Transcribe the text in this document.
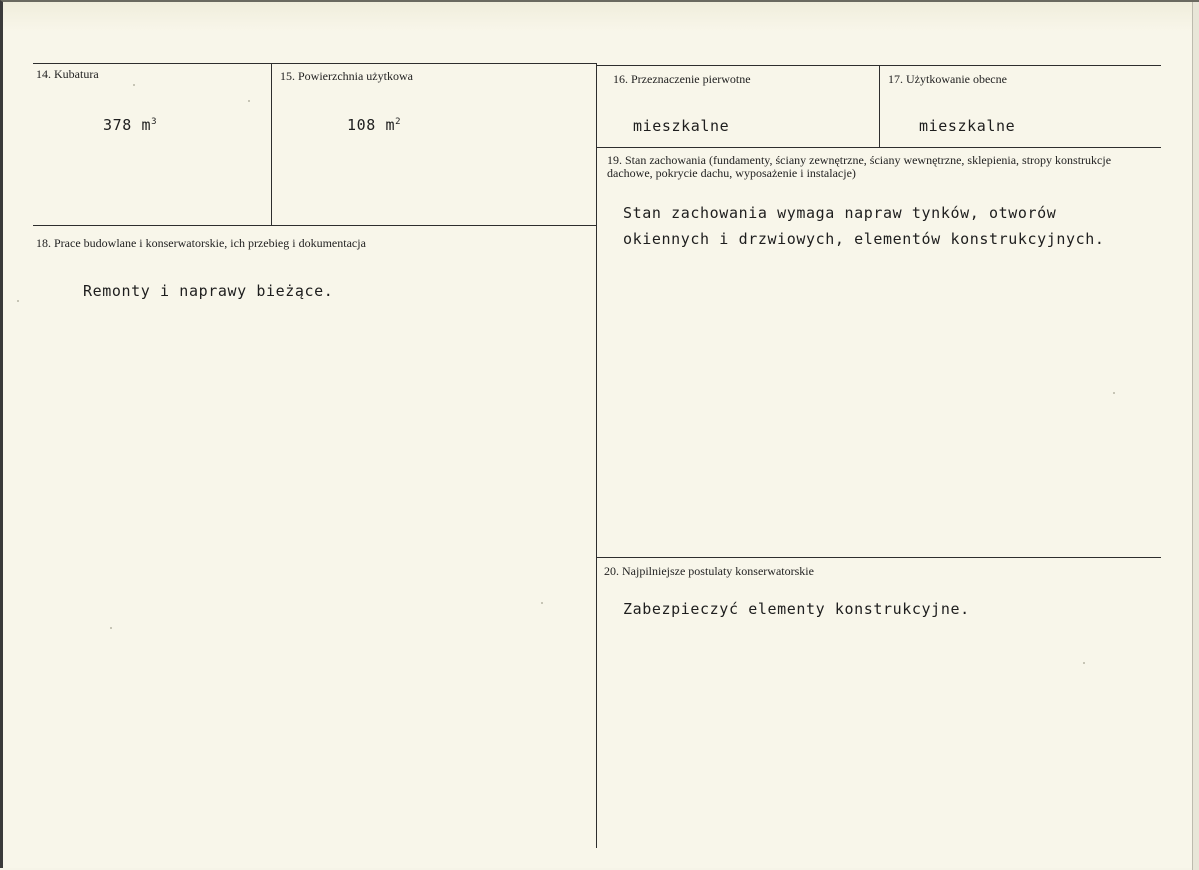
14. Kubatura
378 $m^3$
15. Powierzchnia użytkowa
108 $m^2$
16. Przeznaczenie pierwotne
mieszkalne
17. Użytkowanie obecne
mieszkalne
18. Prace budowlane i konserwatorskie, ich przebieg i dokumentacja
Remonty i naprawy bieżące.
19. Stan zachowania (fundamenty, ściany zewnętrzne, ściany wewnętrzne, sklepienia, stropy konstrukcje dachowe, pokrycie dachu, wyposażenie i instalacje)
Stan zachowania wymaga napraw tynków, otworów okiennych i drzwiowych, elementów konstrukcyjnych.
20. Najpilniejsze postulaty konserwatorskie
Zabezpieczyć elementy konstrukcyjne.
